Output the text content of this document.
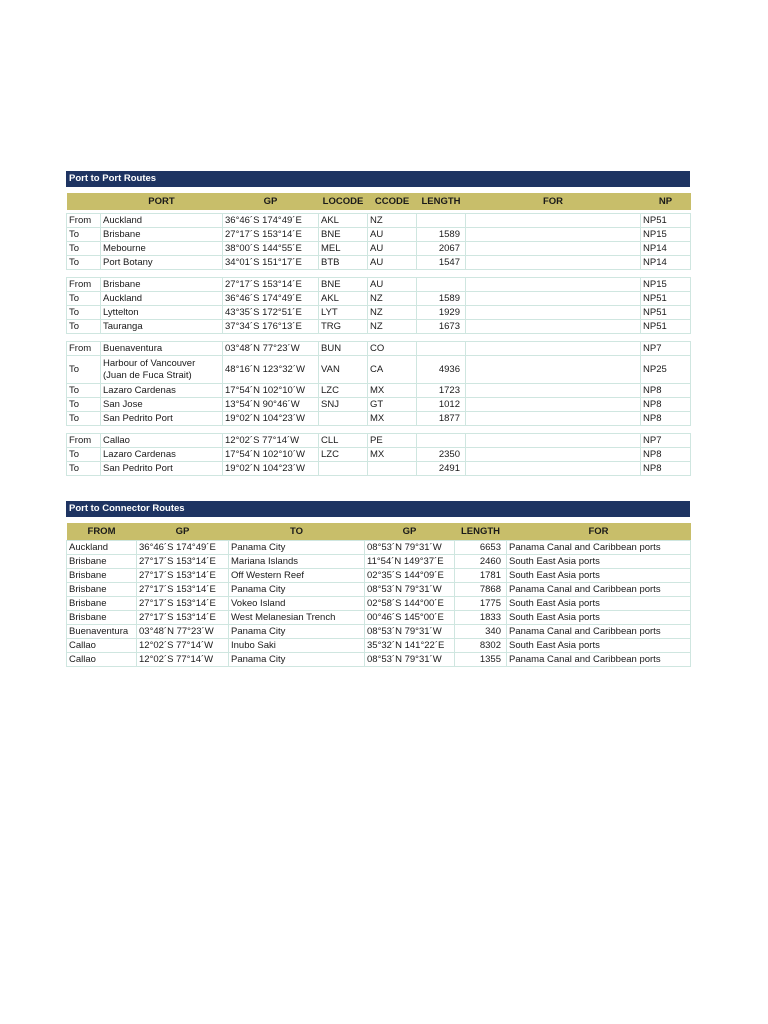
Port to Port Routes
	PORT	GP	LOCODE	CCODE	LENGTH	FOR	NP

From	Auckland	36°46´S 174°49´E	AKL	NZ			NP51
To	Brisbane	27°17´S 153°14´E	BNE	AU	1589		NP15
To	Mebourne	38°00´S 144°55´E	MEL	AU	2067		NP14
To	Port Botany	34°01´S 151°17´E	BTB	AU	1547		NP14

From	Brisbane	27°17´S 153°14´E	BNE	AU			NP15
To	Auckland	36°46´S 174°49´E	AKL	NZ	1589		NP51
To	Lyttelton	43°35´S 172°51´E	LYT	NZ	1929		NP51
To	Tauranga	37°34´S 176°13´E	TRG	NZ	1673		NP51

From	Buenaventura	03°48´N 77°23´W	BUN	CO			NP7
To	Harbour of Vancouver (Juan de Fuca Strait)	48°16´N 123°32´W	VAN	CA	4936		NP25
To	Lazaro Cardenas	17°54´N 102°10´W	LZC	MX	1723		NP8
To	San Jose	13°54´N 90°46´W	SNJ	GT	1012		NP8
To	San Pedrito Port	19°02´N 104°23´W		MX	1877		NP8

From	Callao	12°02´S 77°14´W	CLL	PE			NP7
To	Lazaro Cardenas	17°54´N 102°10´W	LZC	MX	2350		NP8
To	San Pedrito Port	19°02´N 104°23´W			2491		NP8
Port to Connector Routes
FROM	GP	TO	GP	LENGTH	FOR
Auckland	36°46´S 174°49´E	Panama City	08°53´N 79°31´W	6653	Panama Canal and Caribbean ports
Brisbane	27°17´S 153°14´E	Mariana Islands	11°54´N 149°37´E	2460	South East Asia ports
Brisbane	27°17´S 153°14´E	Off Western Reef	02°35´S 144°09´E	1781	South East Asia ports
Brisbane	27°17´S 153°14´E	Panama City	08°53´N 79°31´W	7868	Panama Canal and Caribbean ports
Brisbane	27°17´S 153°14´E	Vokeo Island	02°58´S 144°00´E	1775	South East Asia ports
Brisbane	27°17´S 153°14´E	West Melanesian Trench	00°46´S 145°00´E	1833	South East Asia ports
Buenaventura	03°48´N 77°23´W	Panama City	08°53´N 79°31´W	340	Panama Canal and Caribbean ports
Callao	12°02´S 77°14´W	Inubo Saki	35°32´N 141°22´E	8302	South East Asia ports
Callao	12°02´S 77°14´W	Panama City	08°53´N 79°31´W	1355	Panama Canal and Caribbean ports
